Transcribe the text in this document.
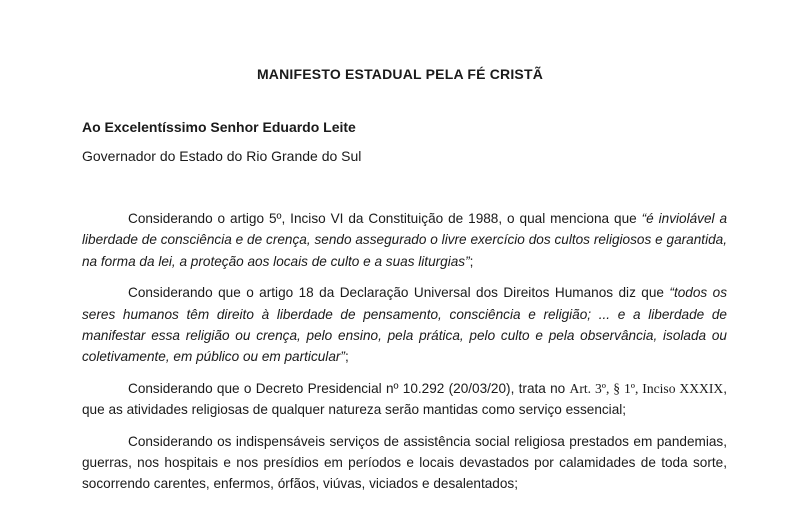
MANIFESTO ESTADUAL PELA FÉ CRISTÃ
Ao Excelentíssimo Senhor Eduardo Leite
Governador do Estado do Rio Grande do Sul

Considerando o artigo 5º, Inciso VI da Constituição de 1988, o qual menciona que “é inviolável a liberdade de consciência e de crença, sendo assegurado o livre exercício dos cultos religiosos e garantida, na forma da lei, a proteção aos locais de culto e a suas liturgias”;

Considerando que o artigo 18 da Declaração Universal dos Direitos Humanos diz que “todos os seres humanos têm direito à liberdade de pensamento, consciência e religião; ... e a liberdade de manifestar essa religião ou crença, pelo ensino, pela prática, pelo culto e pela observância, isolada ou coletivamente, em público ou em particular”;

Considerando que o Decreto Presidencial nº 10.292 (20/03/20), trata no Art. 3º, § 1º, Inciso XXXIX, que as atividades religiosas de qualquer natureza serão mantidas como serviço essencial;

Considerando os indispensáveis serviços de assistência social religiosa prestados em pandemias, guerras, nos hospitais e nos presídios em períodos e locais devastados por calamidades de toda sorte, socorrendo carentes, enfermos, órfãos, viúvas, viciados e desalentados;
